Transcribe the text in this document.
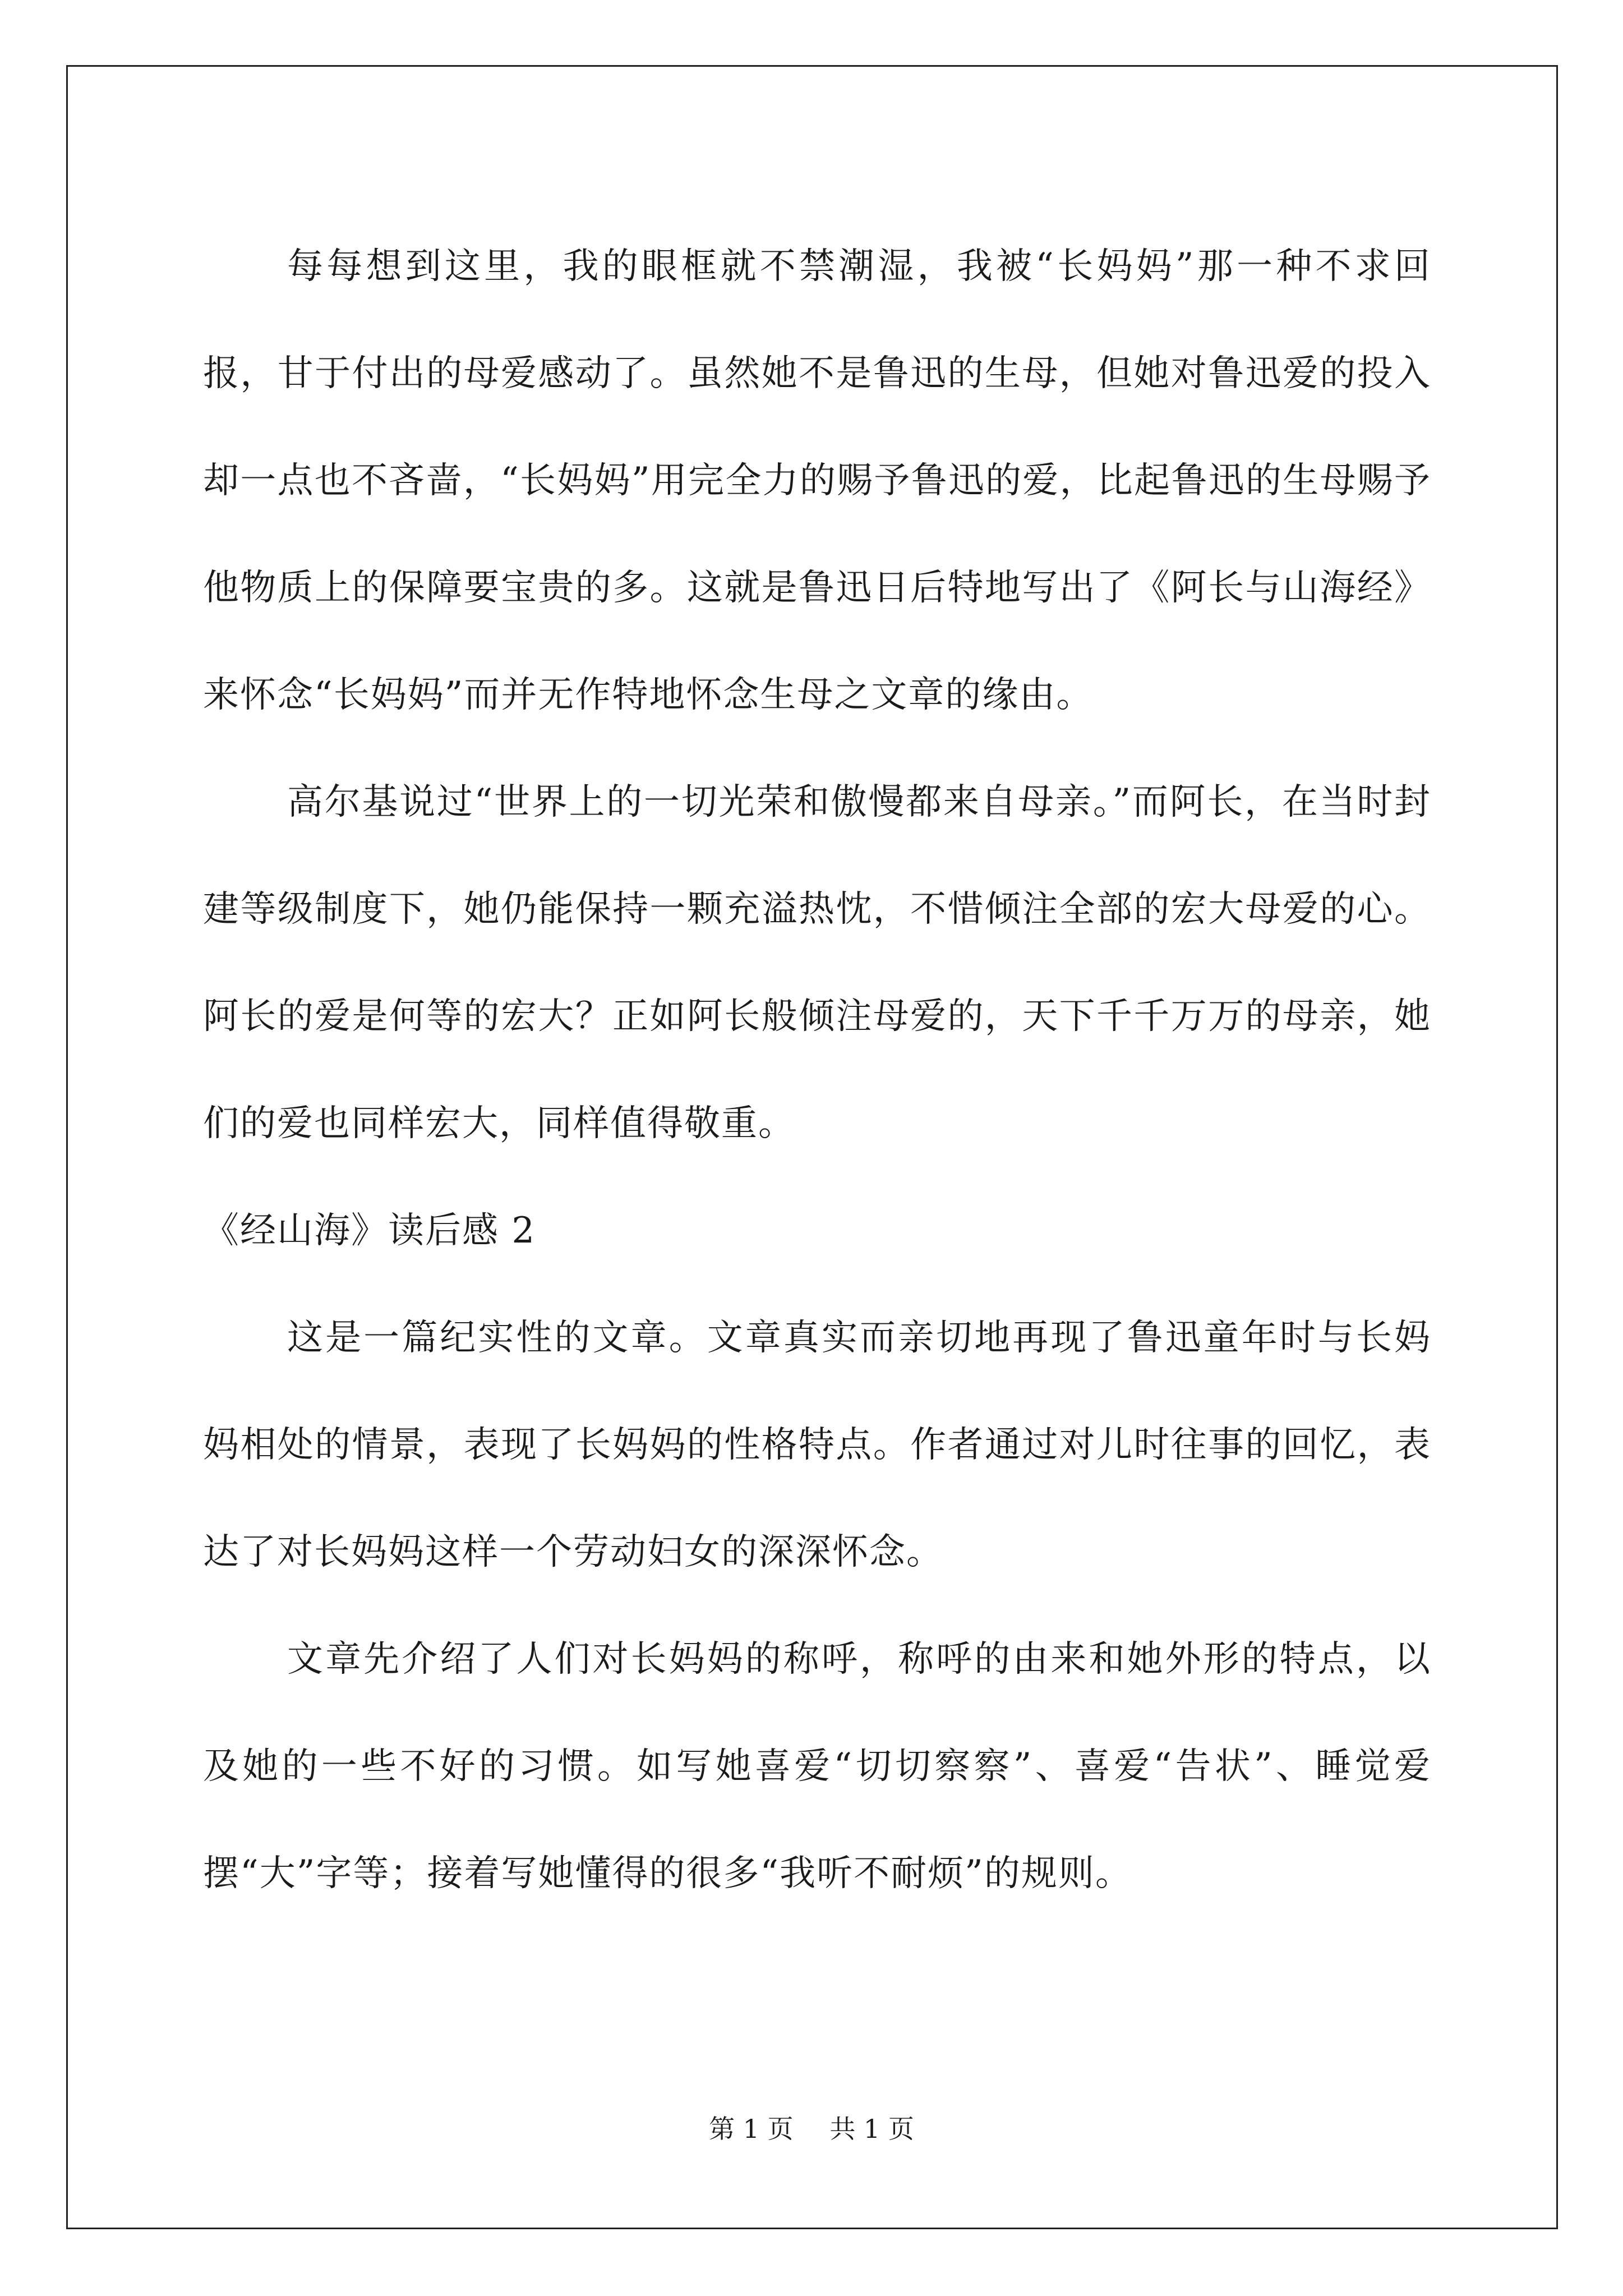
每每想到这里，我的眼框就不禁潮湿，我被“长妈妈”那一种不求回报，甘于付出的母爱感动了。虽然她不是鲁迅的生母，但她对鲁迅爱的投入却一点也不吝啬，“长妈妈”用完全力的赐予鲁迅的爱，比起鲁迅的生母赐予他物质上的保障要宝贵的多。这就是鲁迅日后特地写出了《阿长与山海经》来怀念“长妈妈”而并无作特地怀念生母之文章的缘由。

高尔基说过“世界上的一切光荣和傲慢都来自母亲。”而阿长，在当时封建等级制度下，她仍能保持一颗充溢热忱，不惜倾注全部的宏大母爱的心。阿长的爱是何等的宏大？正如阿长般倾注母爱的，天下千千万万的母亲，她们的爱也同样宏大，同样值得敬重。

《经山海》读后感 2

这是一篇纪实性的文章。文章真实而亲切地再现了鲁迅童年时与长妈妈相处的情景，表现了长妈妈的性格特点。作者通过对儿时往事的回忆，表达了对长妈妈这样一个劳动妇女的深深怀念。

文章先介绍了人们对长妈妈的称呼，称呼的由来和她外形的特点，以及她的一些不好的习惯。如写她喜爱“切切察察”、喜爱“告状”、睡觉爱摆“大”字等；接着写她懂得的很多“我听不耐烦”的规则。

第 1 页 共 1 页
